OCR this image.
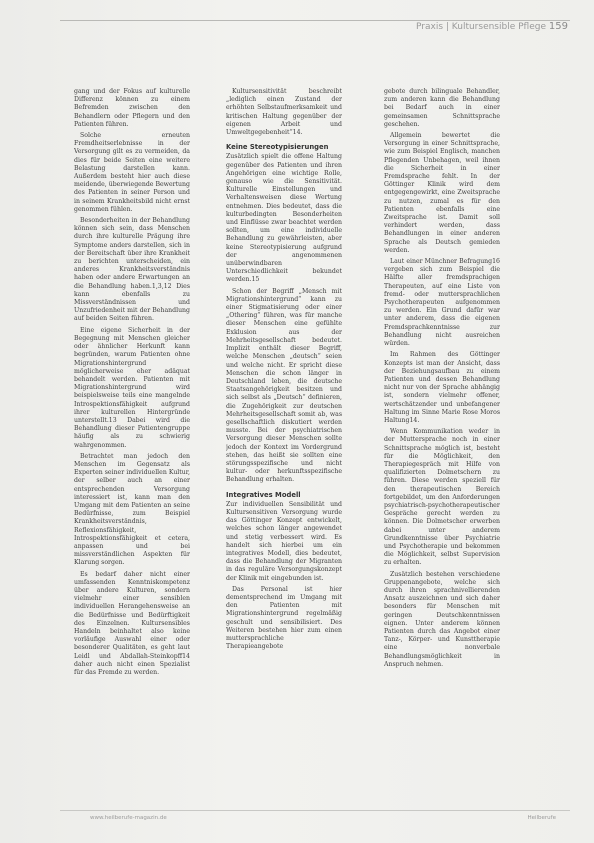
Praxis | Kultursensible Pflege 159

gang und der Fokus auf kulturelle Differenz können zu einem Befremden zwischen den Behandlern oder Pflegern und den Patienten führen.

Solche erneuten Fremdheitserlebnisse in der Versorgung gilt es zu vermeiden, da dies für beide Seiten eine weitere Belastung darstellen kann. Außerdem besteht hier auch diese meidende, überwiegende Bewertung des Patienten in seiner Person und in seinem Krankheitsbild nicht ernst genommen fühlen.

Besonderheiten in der Behandlung können sich sein, dass Menschen durch ihre kulturelle Prägung ihre Symptome anders darstellen, sich in der Bereitschaft über ihre Krankheit zu berichten unterscheiden, ein anderes Krankheitsverständnis haben oder andere Erwartungen an die Behandlung haben.1,3,12 Dies kann ebenfalls zu Missverständnissen und Unzufriedenheit mit der Behandlung auf beiden Seiten führen.

Eine eigene Sicherheit in der Begegnung mit Menschen gleicher oder ähnlicher Herkunft kann begründen, warum Patienten ohne Migrationshintergrund möglicherweise eher adäquat behandelt werden. Patienten mit Migrationshintergrund wird beispielsweise teils eine mangelnde Introspektionsfähigkeit aufgrund ihrer kulturellen Hintergründe unterstellt.13 Dabei wird die Behandlung dieser Patientengruppe häufig als zu schwierig wahrgenommen.

Betrachtet man jedoch den Menschen im Gegensatz als Experten seiner individuellen Kultur, der selber auch an einer entsprechenden Versorgung interessiert ist, kann man den Umgang mit dem Patienten an seine Bedürfnisse, zum Beispiel Krankheitsverständnis, Reflexionsfähigkeit, Introspektionsfähigkeit et cetera, anpassen und bei missverständlichen Aspekten für Klarung sorgen.

Es bedarf daher nicht einer umfassenden Kenntniskompetenz über andere Kulturen, sondern vielmehr einer sensiblen individuellen Herangehensweise an die Bedürfnisse und Bedürftigkeit des Einzelnen. Kultursensibles Handeln beinhaltet also keine vorläufige Auswahl einer oder besonderer Qualitäten, es geht laut Leidl und Abdallah-Steinkopff14 daher auch nicht einen Spezialist für das Fremde zu werden.

Kultursensitivität beschreibt „lediglich einen Zustand der erhöhten Selbstaufmerksamkeit und kritischen Haltung gegenüber der eigenen Arbeit und Umweltgegebenheit“14.

Keine Stereotypisierungen

Zusätzlich spielt die offene Haltung gegenüber des Patienten und ihren Angehörigen eine wichtige Rolle, genauso wie die Sensitivität. Kulturelle Einstellungen und Verhaltensweisen diese Wertung entnehmen. Dies bedeutet, dass die kulturbedingten Besonderheiten und Einflüsse zwar beachtet werden sollten, um eine individuelle Behandlung zu gewährleisten, aber keine Stereotypisierung aufgrund der angenommenen unüberwindbaren Unterschiedlichkeit bekundet werden.15

Schon der Begriff „Mensch mit Migrationshintergrund“ kann zu einer Stigmatisierung oder einer „Othering“ führen, was für manche dieser Menschen eine gefühlte Exklusion aus der Mehrheitsgesellschaft bedeutet. Implizit enthält dieser Begriff, welche Menschen „deutsch“ seien und welche nicht. Er spricht diese Menschen die schon länger in Deutschland leben, die deutsche Staatsangehörigkeit besitzen und sich selbst als „Deutsch“ definieren, die Zugehörigkeit zur deutschen Mehrheitsgesellschaft somit ab, was gesellschaftlich diskutiert werden musste. Bei der psychiatrischen Versorgung dieser Menschen sollte jedoch der Kontext im Vordergrund stehen, das heißt sie sollten eine störungsspezifische und nicht kultur- oder herkunftsspezifische Behandlung erhalten.

Integratives Modell

Zur individuellen Sensibilität und Kultursensitiven Versorgung wurde das Göttinger Konzept entwickelt, welches schon länger angewendet und stetig verbessert wird. Es handelt sich hierbei um ein integratives Modell, dies bedeutet, dass die Behandlung der Migranten in das reguläre Versorgungskonzept der Klinik mit eingebunden ist.

Das Personal ist hier dementsprechend im Umgang mit den Patienten mit Migrationshintergrund regelmäßig geschult und sensibilisiert. Des Weiteren bestehen hier zum einen muttersprachliche Therapieangebote

gebote durch bilinguale Behandler, zum anderen kann die Behandlung bei Bedarf auch in einer gemeinsamen Schnittsprache geschehen.

Allgemein bewertet die Versorgung in einer Schnittsprache, wie zum Beispiel Englisch, manchen Pflegenden Unbehagen, weil ihnen die Sicherheit in einer Fremdsprache fehlt. In der Göttinger Klinik wird dem entgegengewirkt, eine Zweitsprache zu nutzen, zumal es für den Patienten ebenfalls eine Zweitsprache ist. Damit soll verhindert werden, dass Behandlungen in einer anderen Sprache als Deutsch gemieden werden.

Laut einer Münchner Befragung16 vergeben sich zum Beispiel die Hälfte aller fremdsprachigen Therapeuten, auf eine Liste von fremd- oder muttersprachlichen Psychotherapeuten aufgenommen zu werden. Ein Grund dafür war unter anderem, dass die eigenen Fremdsprachkenntnisse zur Behandlung nicht ausreichen würden.

Im Rahmen des Göttinger Konzepts ist man der Ansicht, dass der Beziehungsaufbau zu einem Patienten und dessen Behandlung nicht nur von der Sprache abhängig ist, sondern vielmehr offener, wertschätzender und unbefangener Haltung im Sinne Marie Rose Moros Haltung14.

Wenn Kommunikation weder in der Muttersprache noch in einer Schnittsprache möglich ist, besteht für die Möglichkeit, den Therapiegespräch mit Hilfe von qualifizierten Dolmetschern zu führen. Diese werden speziell für den therapeutischen Bereich fortgebildet, um den Anforderungen psychiatrisch-psychotherapeutischer Gespräche gerecht werden zu können. Die Dolmetscher erwerben dabei unter anderem Grundkenntnisse über Psychiatrie und Psychotherapie und bekommen die Möglichkeit, selbst Supervision zu erhalten.

Zusätzlich bestehen verschiedene Gruppenangebote, welche sich durch ihren sprachnivellierenden Ansatz auszeichnen und sich daher besonders für Menschen mit geringen Deutschkenntnissen eignen. Unter anderem können Patienten durch das Angebot einer Tanz-, Körper- und Kunsttherapie eine nonverbale Behandlungsmöglichkeit in Anspruch nehmen.

www.heilberufe-magazin.de	Heilberufe
